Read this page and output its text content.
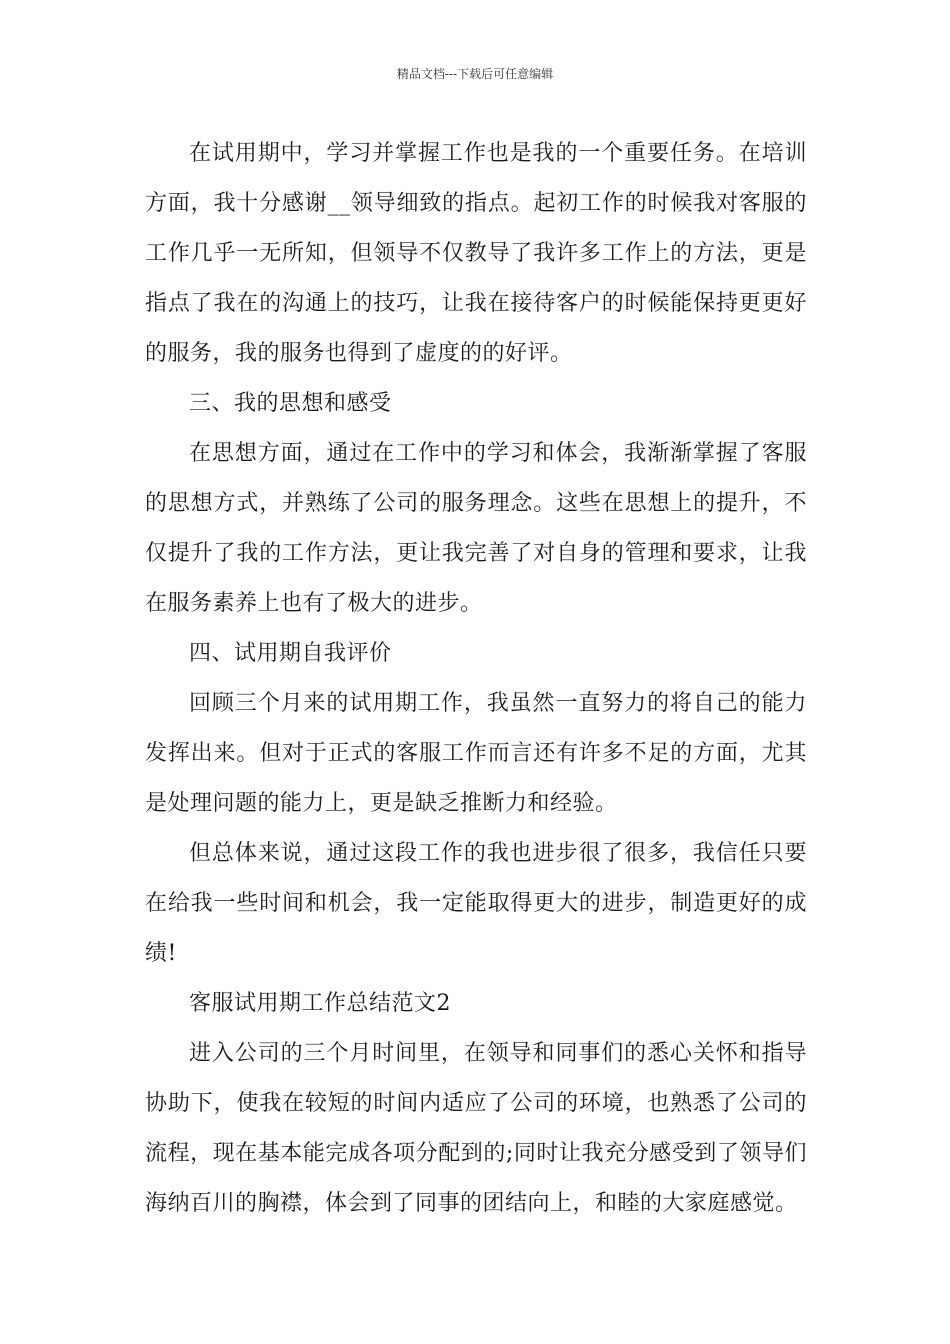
精品文档---下载后可任意编辑

在试用期中，学习并掌握工作也是我的一个重要任务。在培训方面，我十分感谢__领导细致的指点。起初工作的时候我对客服的工作几乎一无所知，但领导不仅教导了我许多工作上的方法，更是指点了我在的沟通上的技巧，让我在接待客户的时候能保持更更好的服务，我的服务也得到了虚度的的好评。

三、我的思想和感受

在思想方面，通过在工作中的学习和体会，我渐渐掌握了客服的思想方式，并熟练了公司的服务理念。这些在思想上的提升，不仅提升了我的工作方法，更让我完善了对自身的管理和要求，让我在服务素养上也有了极大的进步。

四、试用期自我评价

回顾三个月来的试用期工作，我虽然一直努力的将自己的能力发挥出来。但对于正式的客服工作而言还有许多不足的方面，尤其是处理问题的能力上，更是缺乏推断力和经验。

但总体来说，通过这段工作的我也进步很了很多，我信任只要在给我一些时间和机会，我一定能取得更大的进步，制造更好的成绩!

客服试用期工作总结范文2

进入公司的三个月时间里，在领导和同事们的悉心关怀和指导协助下，使我在较短的时间内适应了公司的环境，也熟悉了公司的流程，现在基本能完成各项分配到的;同时让我充分感受到了领导们海纳百川的胸襟，体会到了同事的团结向上，和睦的大家庭感觉。
